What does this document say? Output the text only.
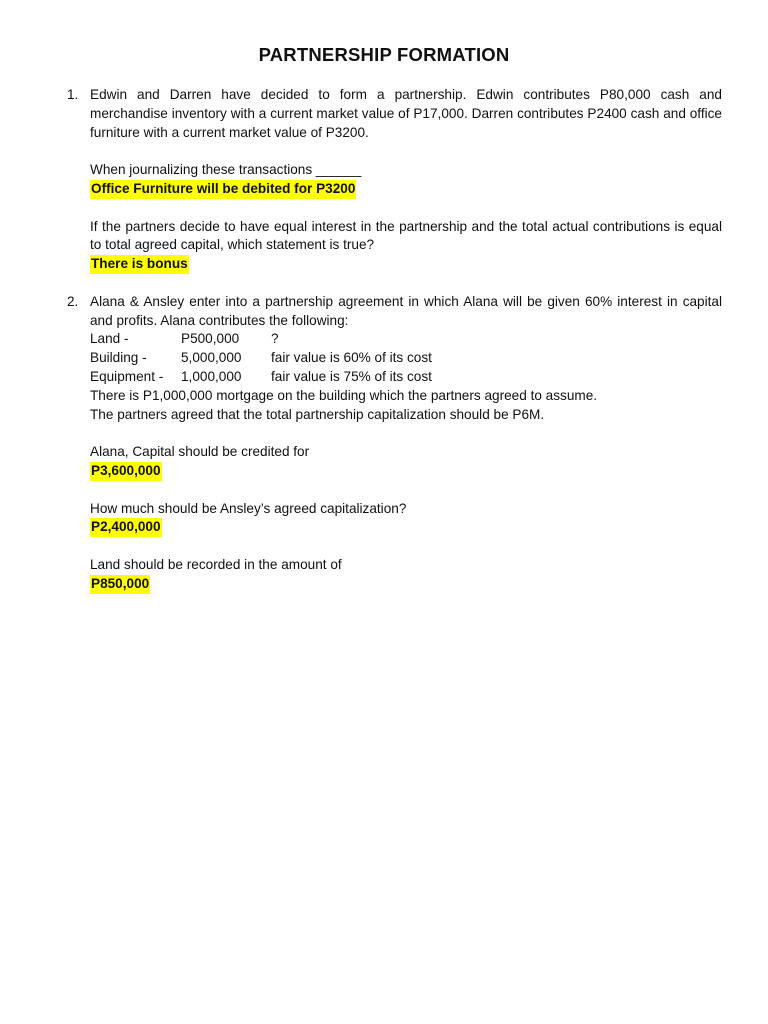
PARTNERSHIP FORMATION
1. Edwin and Darren have decided to form a partnership. Edwin contributes P80,000 cash and merchandise inventory with a current market value of P17,000. Darren contributes P2400 cash and office furniture with a current market value of P3200.
When journalizing these transactions ______
Office Furniture will be debited for P3200
If the partners decide to have equal interest in the partnership and the total actual contributions is equal to total agreed capital, which statement is true?
There is bonus
2. Alana & Ansley enter into a partnership agreement in which Alana will be given 60% interest in capital and profits. Alana contributes the following:
Land -	P500,000	?
Building -	5,000,000	fair value is 60% of its cost
Equipment -	1,000,000	fair value is 75% of its cost
There is P1,000,000 mortgage on the building which the partners agreed to assume.
The partners agreed that the total partnership capitalization should be P6M.
Alana, Capital should be credited for
P3,600,000
How much should be Ansley’s agreed capitalization?
P2,400,000
Land should be recorded in the amount of
P850,000
